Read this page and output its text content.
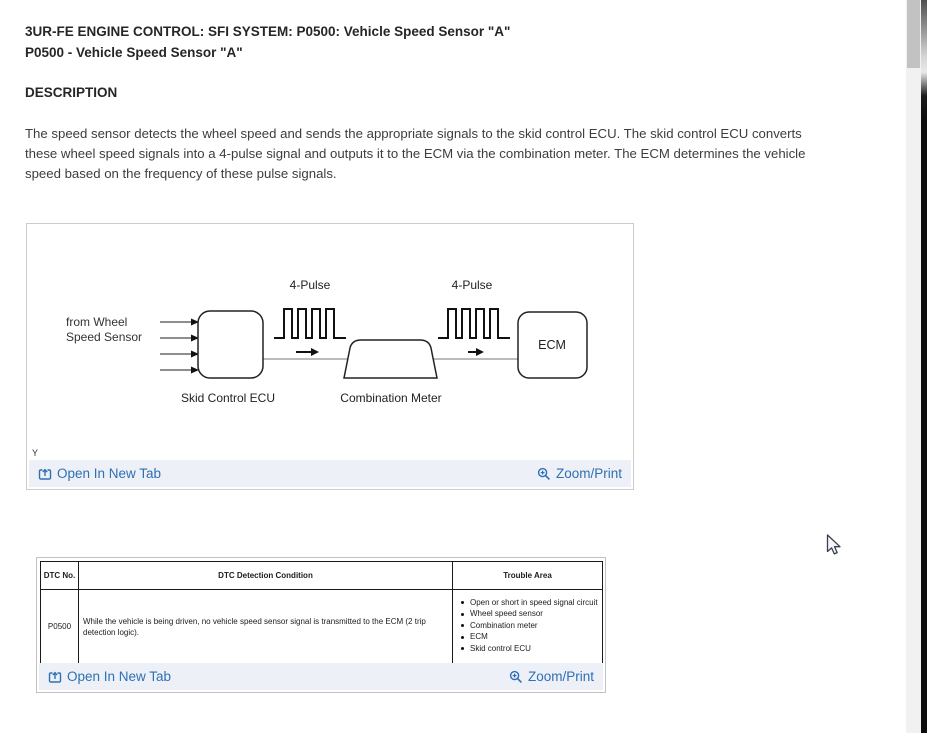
3UR-FE ENGINE CONTROL: SFI SYSTEM: P0500: Vehicle Speed Sensor "A"
P0500 - Vehicle Speed Sensor "A"
DESCRIPTION
The speed sensor detects the wheel speed and sends the appropriate signals to the skid control ECU. The skid control ECU converts
these wheel speed signals into a 4-pulse signal and outputs it to the ECM via the combination meter. The ECM determines the vehicle
speed based on the frequency of these pulse signals.
4-Pulse	4-Pulse
from Wheel
Speed Sensor
ECM
Skid Control ECU	Combination Meter
Y
Open In New Tab	Zoom/Print
DTC No.	DTC Detection Condition	Trouble Area
P0500	While the vehicle is being driven, no vehicle speed sensor signal is transmitted to the ECM (2 trip detection logic).	Open or short in speed signal circuit
Wheel speed sensor
Combination meter
ECM
Skid control ECU
Open In New Tab	Zoom/Print
